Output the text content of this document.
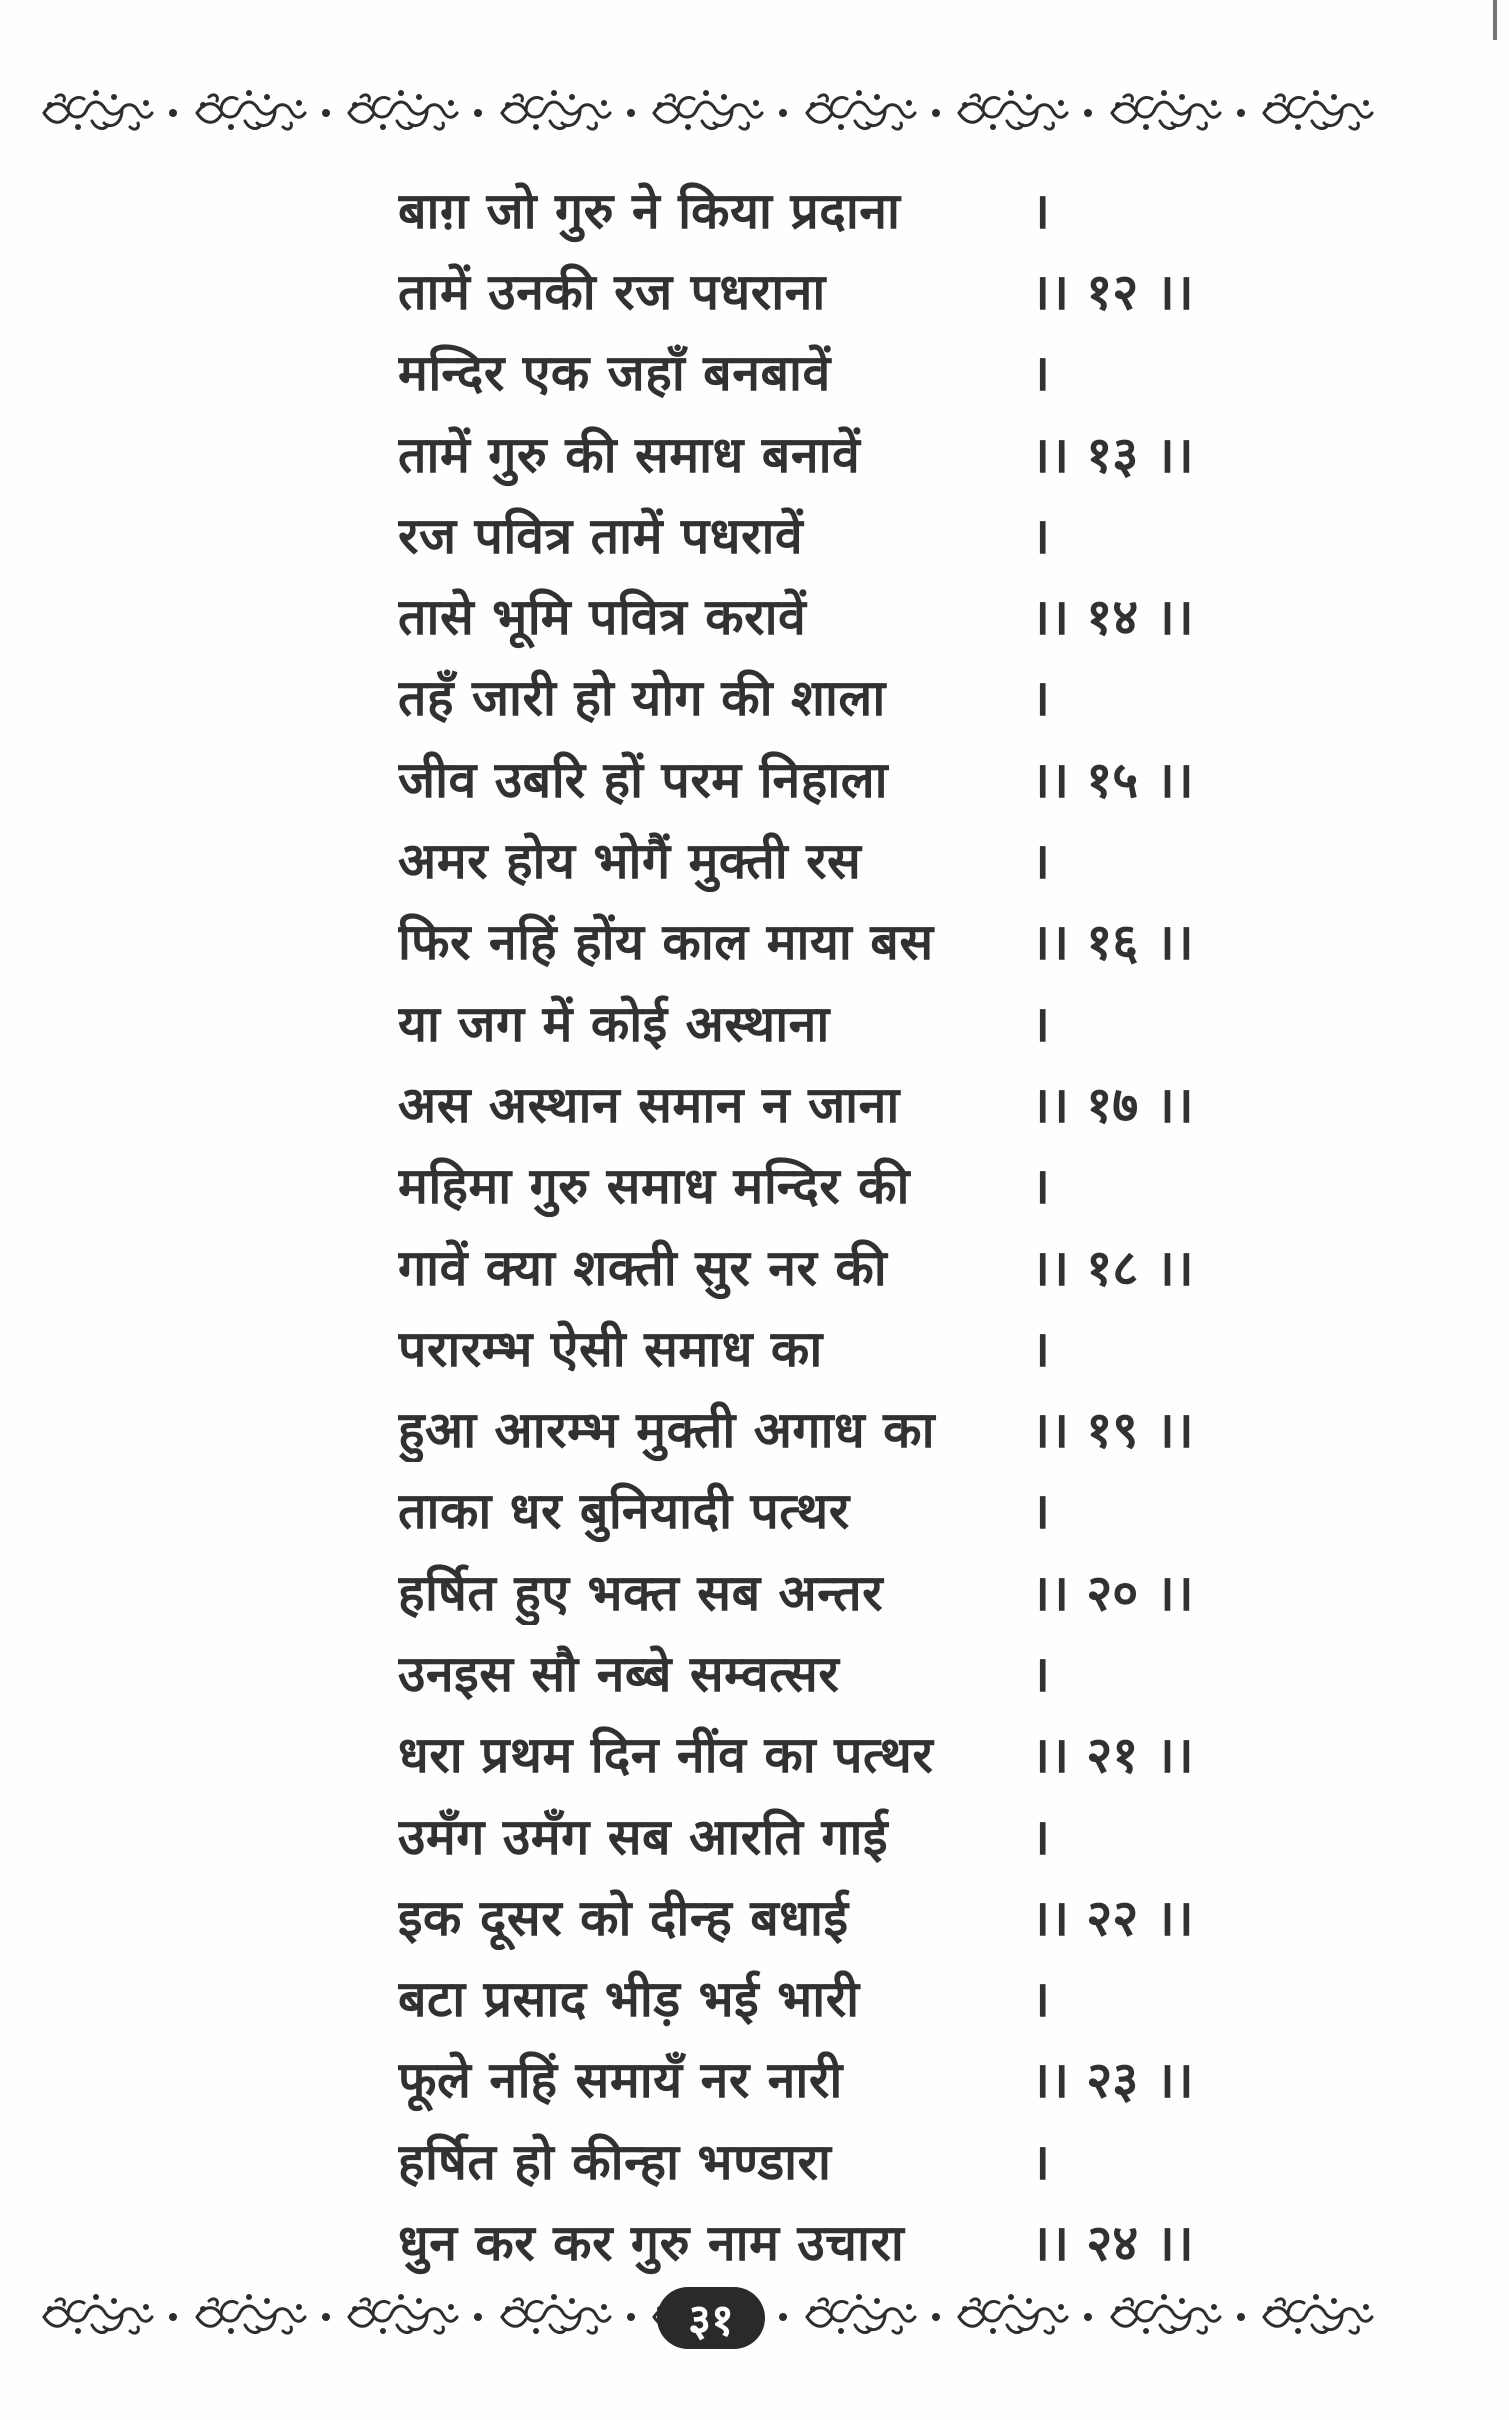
बाग़ जो गुरु ने किया प्रदाना	।
तामें उनकी रज पधराना	।। १२ ।।
मन्दिर एक जहाँ बनबावें	।
तामें गुरु की समाध बनावें	।। १३ ।।
रज पवित्र तामें पधरावें	।
तासे भूमि पवित्र करावें	।। १४ ।।
तहँ जारी हो योग की शाला	।
जीव उबरि हों परम निहाला	।। १५ ।।
अमर होय भोगैं मुक्ती रस	।
फिर नहिं होंय काल माया बस	।। १६ ।।
या जग में कोई अस्थाना	।
अस अस्थान समान न जाना	।। १७ ।।
महिमा गुरु समाध मन्दिर की	।
गावें क्या शक्ती सुर नर की	।। १८ ।।
परारम्भ ऐसी समाध का	।
हुआ आरम्भ मुक्ती अगाध का	।। १९ ।।
ताका धर बुनियादी पत्थर	।
हर्षित हुए भक्त सब अन्तर	।। २० ।।
उनइस सौ नब्बे सम्वत्सर	।
धरा प्रथम दिन नींव का पत्थर	।। २१ ।।
उमँग उमँग सब आरति गाई	।
इक दूसर को दीन्ह बधाई	।। २२ ।।
बटा प्रसाद भीड़ भई भारी	।
फूले नहिं समायँ नर नारी	।। २३ ।।
हर्षित हो कीन्हा भण्डारा	।
धुन कर कर गुरु नाम उचारा	।। २४ ।।
३१
